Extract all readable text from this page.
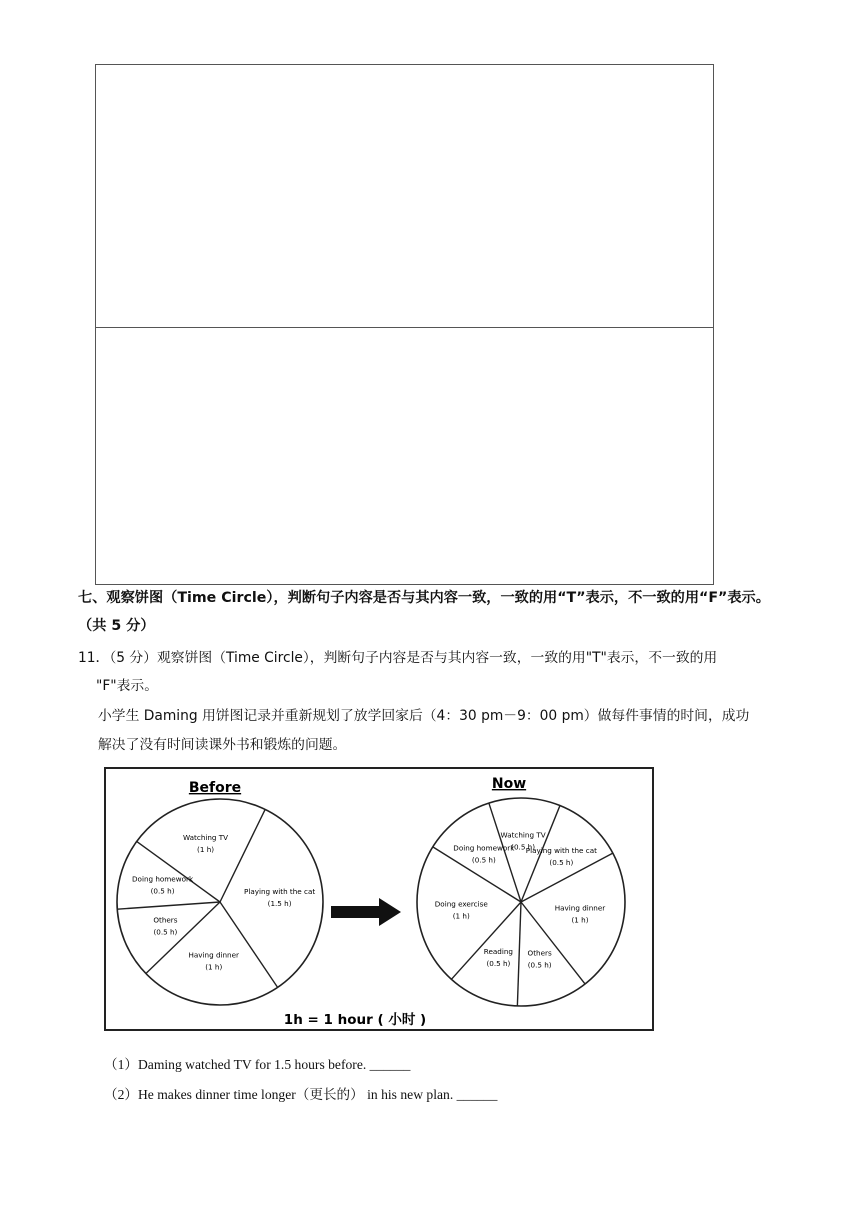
七、观察饼图（Time Circle），判断句子内容是否与其内容一致，一致的用“T”表示，不一致的用“F”表示。（共 5 分）
11．（5 分）观察饼图（Time Circle），判断句子内容是否与其内容一致，一致的用"T"表示，不一致的用
"F"表示。
小学生 Daming 用饼图记录并重新规划了放学回家后（4：30 pm－9：00 pm）做每件事情的时间，成功
解决了没有时间读课外书和锻炼的问题。
Before	Now
Watching TV
(1 h)
Playing with the cat
(1.5 h)
Having dinner
(1 h)
Others
(0.5 h)
Doing homework
(0.5 h)
Watching TV
(0.5 h)
Playing with the cat
(0.5 h)
Having dinner
(1 h)
Others
(0.5 h)
Reading
(0.5 h)
Doing exercise
(1 h)
Doing homework
(0.5 h)
1h = 1 hour ( 小时 )
（1）Daming watched TV for 1.5 hours before. ______
（2）He makes dinner time longer（更长的） in his new plan. ______
